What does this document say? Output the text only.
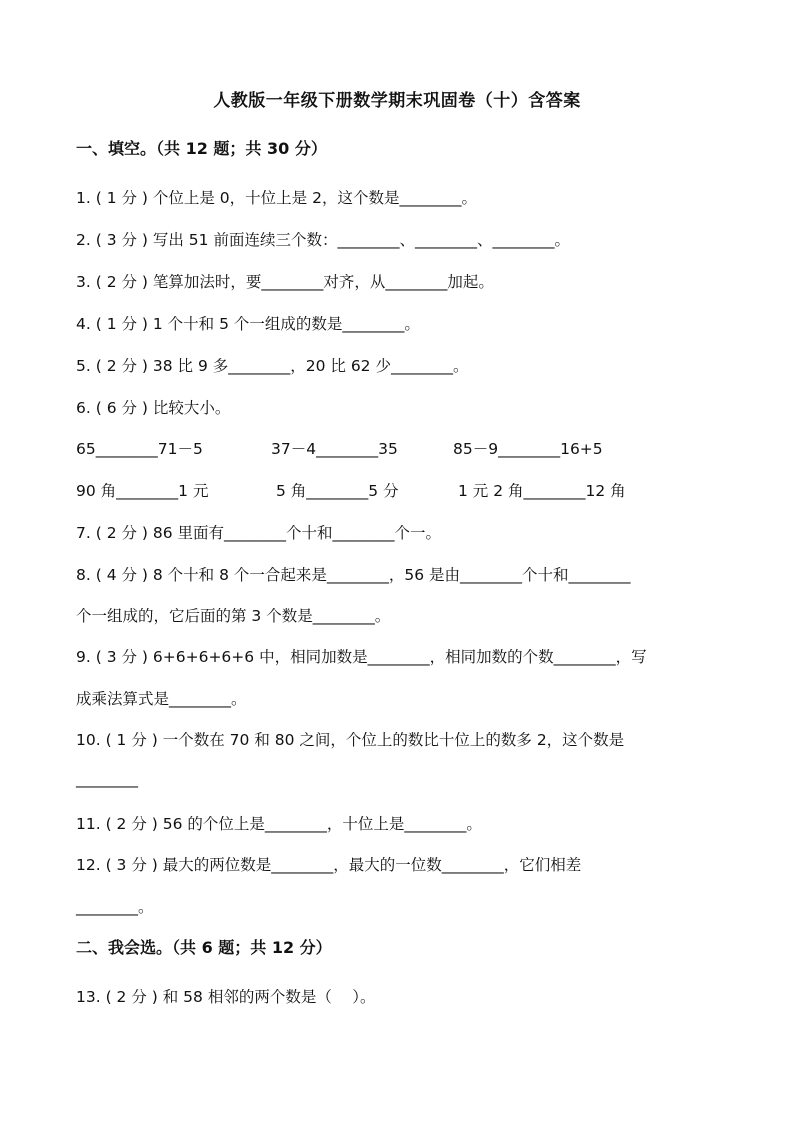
人教版一年级下册数学期末巩固卷（十）含答案
一、填空。（共 12 题；共 30 分）
1. ( 1 分 ) 个位上是 0，十位上是 2，这个数是________。
2. ( 3 分 ) 写出 51 前面连续三个数：________、________、________。
3. ( 2 分 ) 笔算加法时，要________对齐，从________加起。
4. ( 1 分 ) 1 个十和 5 个一组成的数是________。
5. ( 2 分 ) 38 比 9 多________，20 比 62 少________。
6. ( 6 分 ) 比较大小。
65________71－5	37－4________35	85－9________16+5
90 角________1 元	5 角________5 分	1 元 2 角________12 角
7. ( 2 分 ) 86 里面有________个十和________个一。
8. ( 4 分 ) 8 个十和 8 个一合起来是________，56 是由________个十和________
个一组成的，它后面的第 3 个数是________。
9. ( 3 分 ) 6+6+6+6+6 中，相同加数是________，相同加数的个数________，写
成乘法算式是________。
10. ( 1 分 ) 一个数在 70 和 80 之间，个位上的数比十位上的数多 2，这个数是
________
11. ( 2 分 ) 56 的个位上是________，十位上是________。
12. ( 3 分 ) 最大的两位数是________，最大的一位数________，它们相差
________。
二、我会选。（共 6 题；共 12 分）
13. ( 2 分 ) 和 58 相邻的两个数是（　 ）。
